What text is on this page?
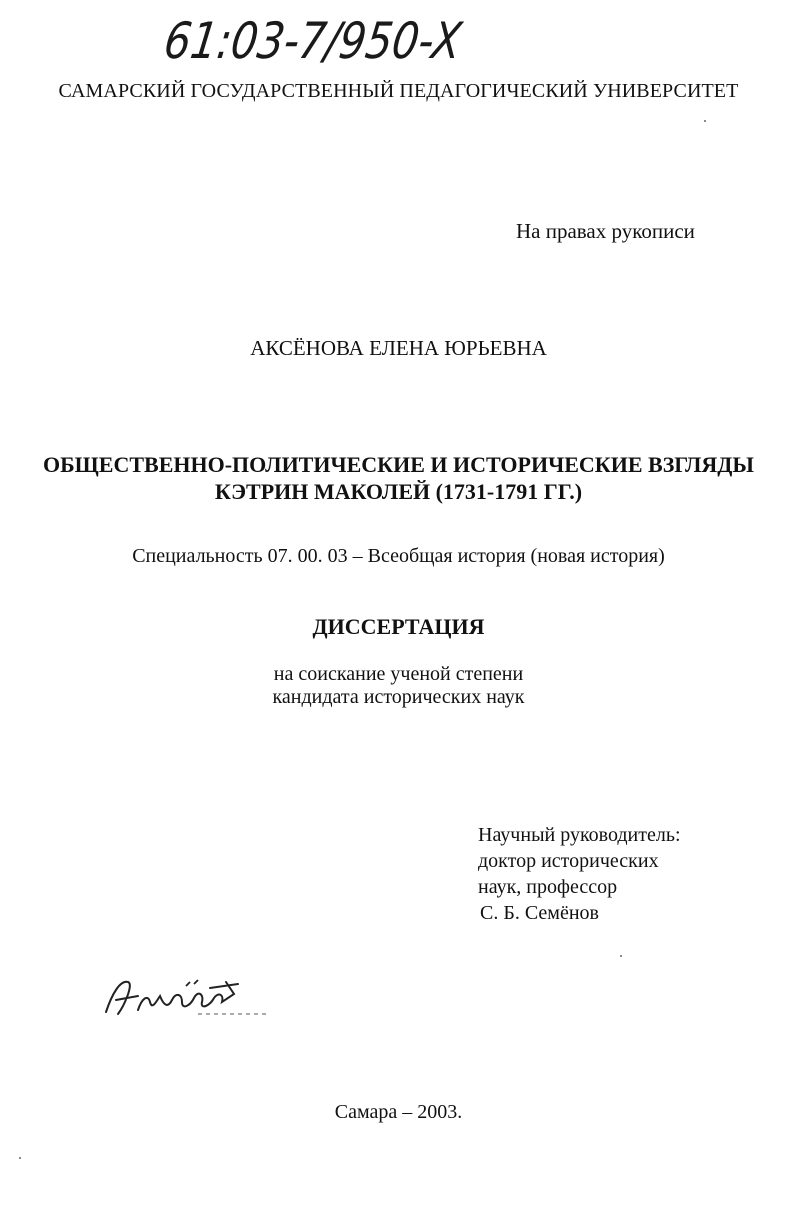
61:03-7/950-X
САМАРСКИЙ ГОСУДАРСТВЕННЫЙ ПЕДАГОГИЧЕСКИЙ УНИВЕРСИТЕТ
На правах рукописи
АКСЁНОВА ЕЛЕНА ЮРЬЕВНА
ОБЩЕСТВЕННО-ПОЛИТИЧЕСКИЕ И ИСТОРИЧЕСКИЕ ВЗГЛЯДЫ
КЭТРИН МАКОЛЕЙ (1731-1791 ГГ.)
Специальность 07. 00. 03 – Всеобщая история (новая история)
ДИССЕРТАЦИЯ
на соискание ученой степени
кандидата исторических наук
Научный руководитель:
доктор исторических
наук, профессор
С. Б. Семёнов
Самара – 2003.
